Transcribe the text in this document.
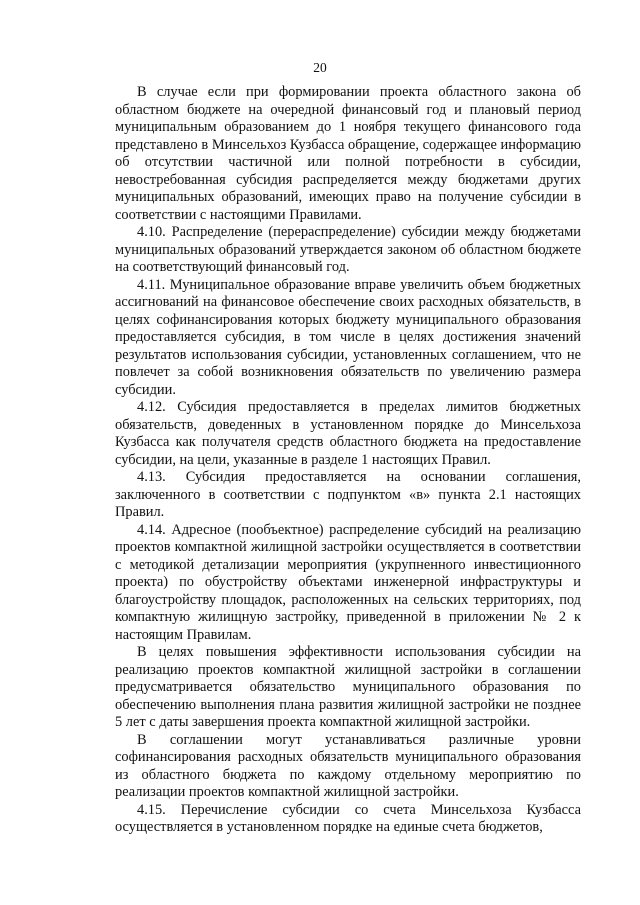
20

В случае если при формировании проекта областного закона об областном бюджете на очередной финансовый год и плановый период муниципальным образованием до 1 ноября текущего финансового года представлено в Минсельхоз Кузбасса обращение, содержащее информацию об отсутствии частичной или полной потребности в субсидии, невостребованная субсидия распределяется между бюджетами других муниципальных образований, имеющих право на получение субсидии в соответствии с настоящими Правилами.

4.10. Распределение (перераспределение) субсидии между бюджетами муниципальных образований утверждается законом об областном бюджете на соответствующий финансовый год.

4.11. Муниципальное образование вправе увеличить объем бюджетных ассигнований на финансовое обеспечение своих расходных обязательств, в целях софинансирования которых бюджету муниципального образования предоставляется субсидия, в том числе в целях достижения значений результатов использования субсидии, установленных соглашением, что не повлечет за собой возникновения обязательств по увеличению размера субсидии.

4.12. Субсидия предоставляется в пределах лимитов бюджетных обязательств, доведенных в установленном порядке до Минсельхоза Кузбасса как получателя средств областного бюджета на предоставление субсидии, на цели, указанные в разделе 1 настоящих Правил.

4.13. Субсидия предоставляется на основании соглашения, заключенного в соответствии с подпунктом «в» пункта 2.1 настоящих Правил.

4.14. Адресное (пообъектное) распределение субсидий на реализацию проектов компактной жилищной застройки осуществляется в соответствии с методикой детализации мероприятия (укрупненного инвестиционного проекта) по обустройству объектами инженерной инфраструктуры и благоустройству площадок, расположенных на сельских территориях, под компактную жилищную застройку, приведенной в приложении № 2 к настоящим Правилам.

В целях повышения эффективности использования субсидии на реализацию проектов компактной жилищной застройки в соглашении предусматривается обязательство муниципального образования по обеспечению выполнения плана развития жилищной застройки не позднее 5 лет с даты завершения проекта компактной жилищной застройки.

В соглашении могут устанавливаться различные уровни софинансирования расходных обязательств муниципального образования из областного бюджета по каждому отдельному мероприятию по реализации проектов компактной жилищной застройки.

4.15. Перечисление субсидии со счета Минсельхоза Кузбасса осуществляется в установленном порядке на единые счета бюджетов,
